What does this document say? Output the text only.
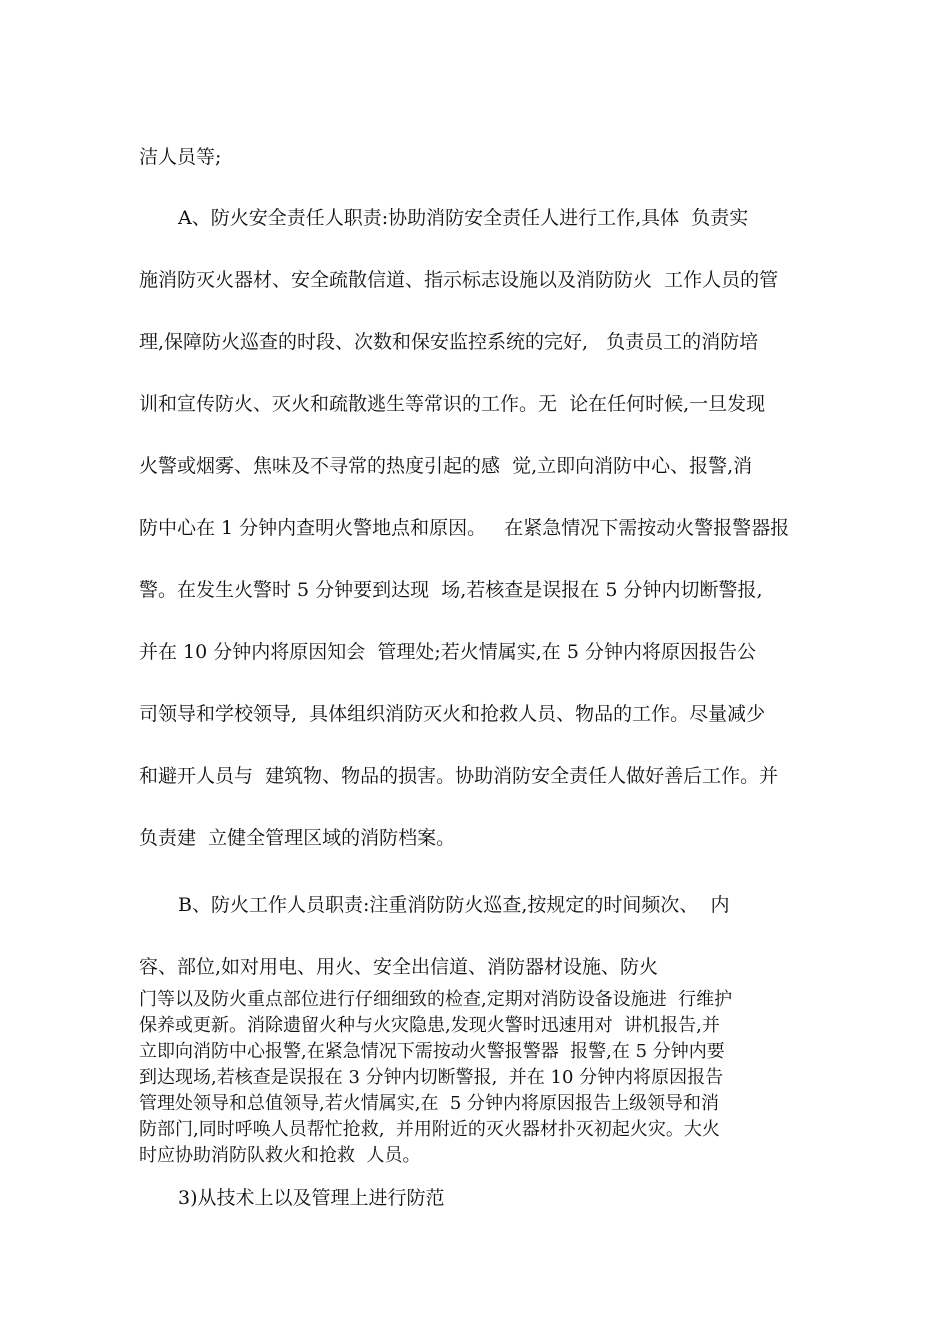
洁人员等;
A、防火安全责任人职责:协助消防安全责任人进行工作,具体  负责实
施消防灭火器材、安全疏散信道、指示标志设施以及消防防火  工作人员的管
理,保障防火巡查的时段、次数和保安监控系统的完好,   负责员工的消防培
训和宣传防火、灭火和疏散逃生等常识的工作。无  论在任何时候,一旦发现
火警或烟雾、焦味及不寻常的热度引起的感  觉,立即向消防中心、报警,消
防中心在 1 分钟内查明火警地点和原因。   在紧急情况下需按动火警报警器报
警。在发生火警时 5 分钟要到达现  场,若核查是误报在 5 分钟内切断警报,
并在 10 分钟内将原因知会  管理处;若火情属实,在 5 分钟内将原因报告公
司领导和学校领导,  具体组织消防灭火和抢救人员、物品的工作。尽量减少
和避开人员与  建筑物、物品的损害。协助消防安全责任人做好善后工作。并
负责建  立健全管理区域的消防档案。
B、防火工作人员职责:注重消防防火巡查,按规定的时间频次、  内
容、部位,如对用电、用火、安全出信道、消防器材设施、防火
门等以及防火重点部位进行仔细细致的检查,定期对消防设备设施进  行维护
保养或更新。消除遗留火种与火灾隐患,发现火警时迅速用对  讲机报告,并
立即向消防中心报警,在紧急情况下需按动火警报警器  报警,在 5 分钟内要
到达现场,若核查是误报在 3 分钟内切断警报,  并在 10 分钟内将原因报告
管理处领导和总值领导,若火情属实,在  5 分钟内将原因报告上级领导和消
防部门,同时呼唤人员帮忙抢救,  并用附近的灭火器材扑灭初起火灾。大火
时应协助消防队救火和抢救  人员。
3)从技术上以及管理上进行防范
